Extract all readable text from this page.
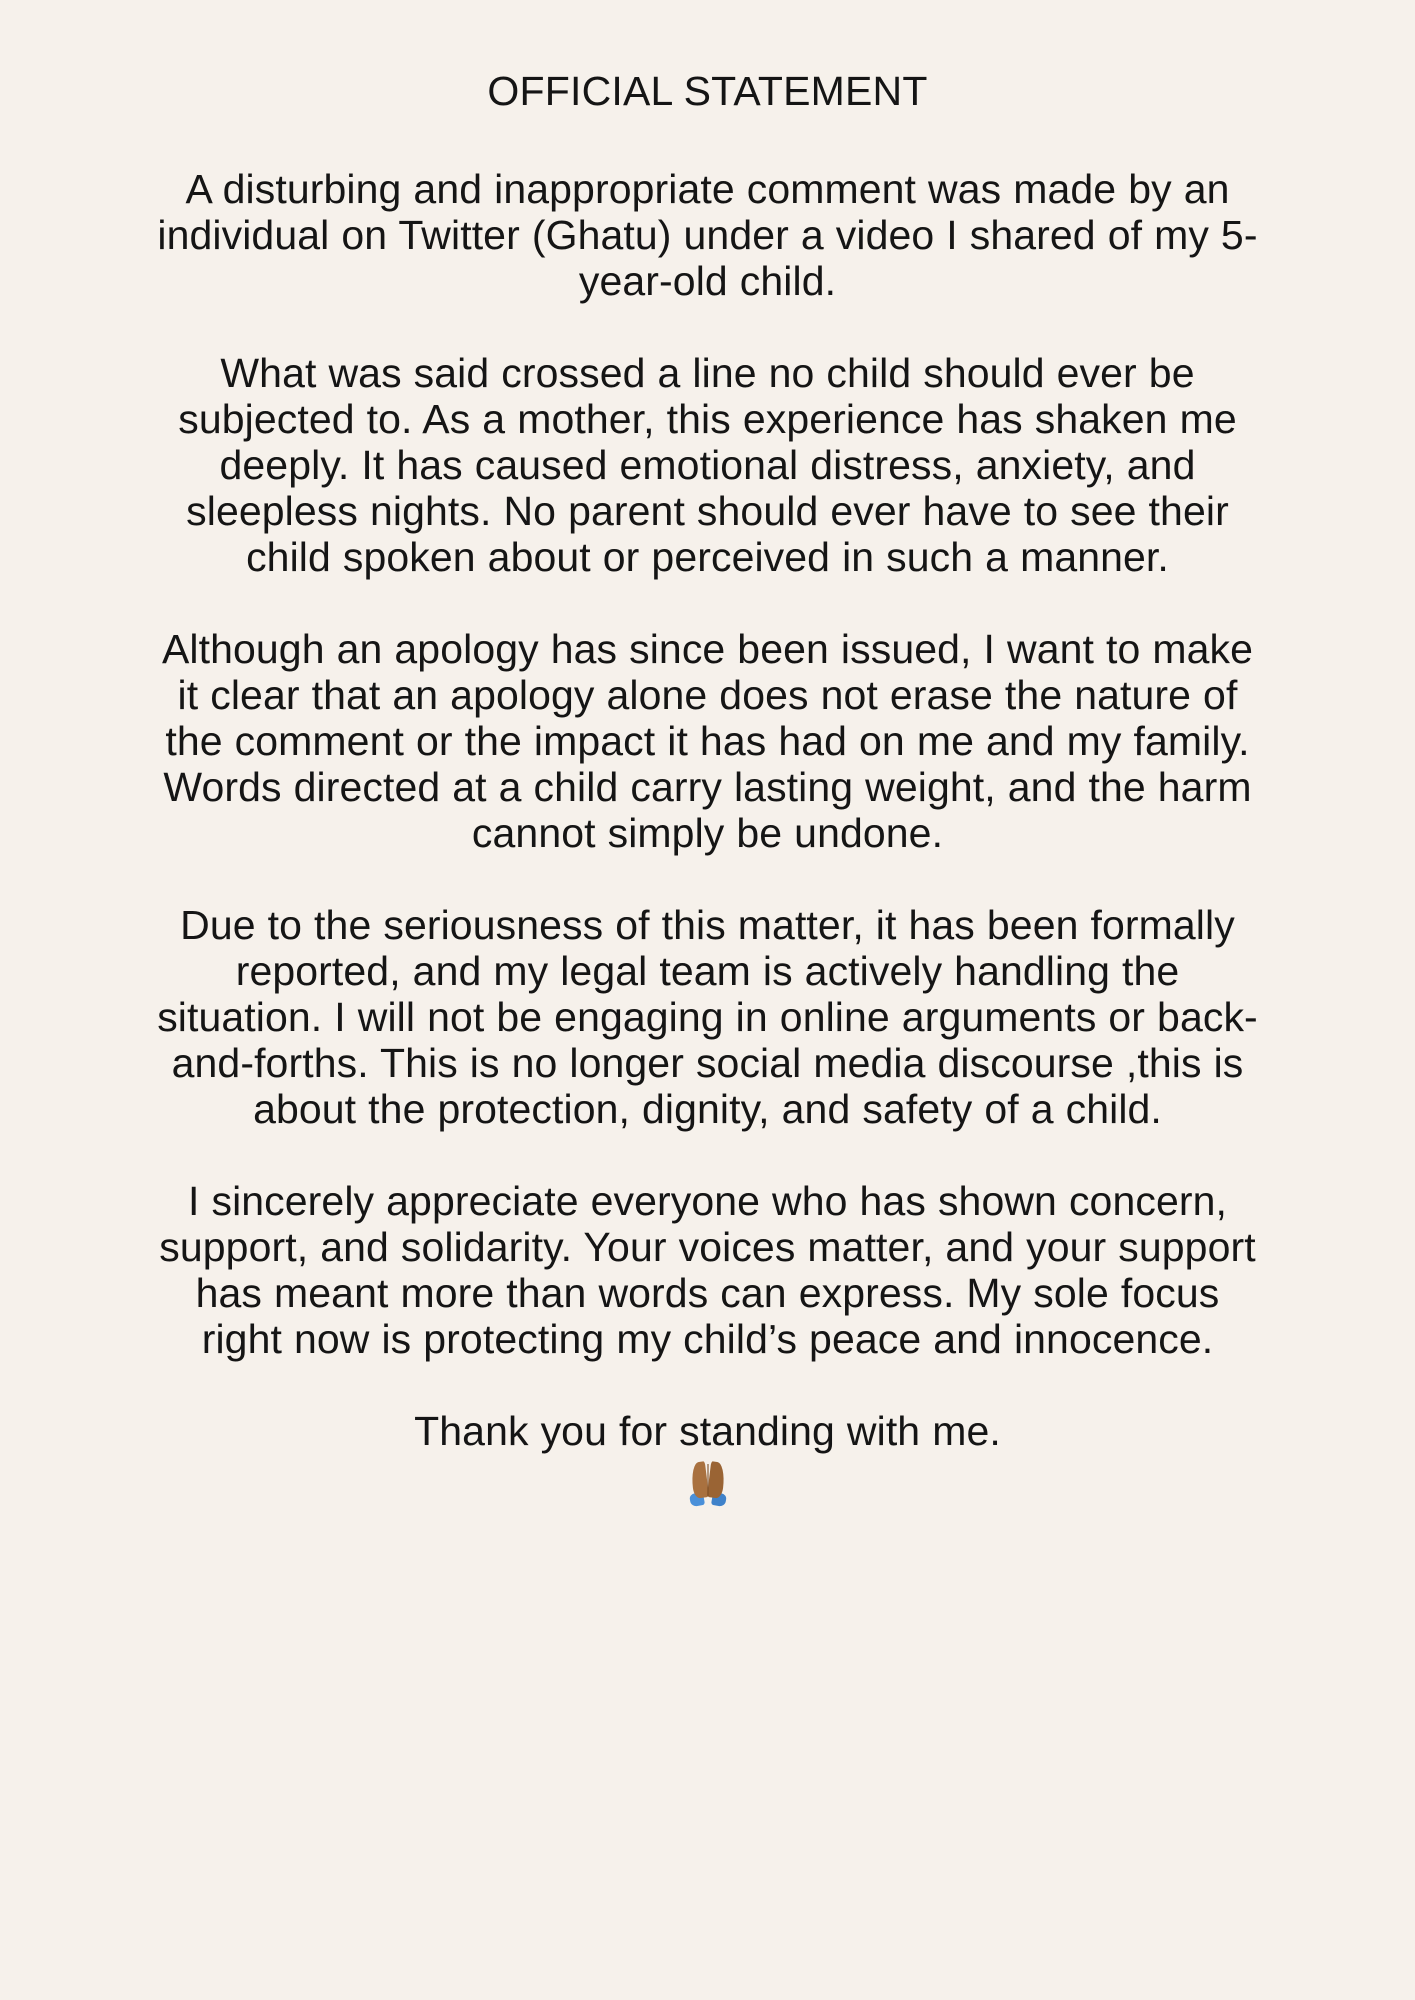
OFFICIAL STATEMENT

A disturbing and inappropriate comment was made by an individual on Twitter (Ghatu) under a video I shared of my 5-year-old child.

What was said crossed a line no child should ever be subjected to. As a mother, this experience has shaken me deeply. It has caused emotional distress, anxiety, and sleepless nights. No parent should ever have to see their child spoken about or perceived in such a manner.

Although an apology has since been issued, I want to make it clear that an apology alone does not erase the nature of the comment or the impact it has had on me and my family. Words directed at a child carry lasting weight, and the harm cannot simply be undone.

Due to the seriousness of this matter, it has been formally reported, and my legal team is actively handling the situation. I will not be engaging in online arguments or back-and-forths. This is no longer social media discourse ,this is about the protection, dignity, and safety of a child.

I sincerely appreciate everyone who has shown concern, support, and solidarity. Your voices matter, and your support has meant more than words can express. My sole focus right now is protecting my child’s peace and innocence.

Thank you for standing with me.
